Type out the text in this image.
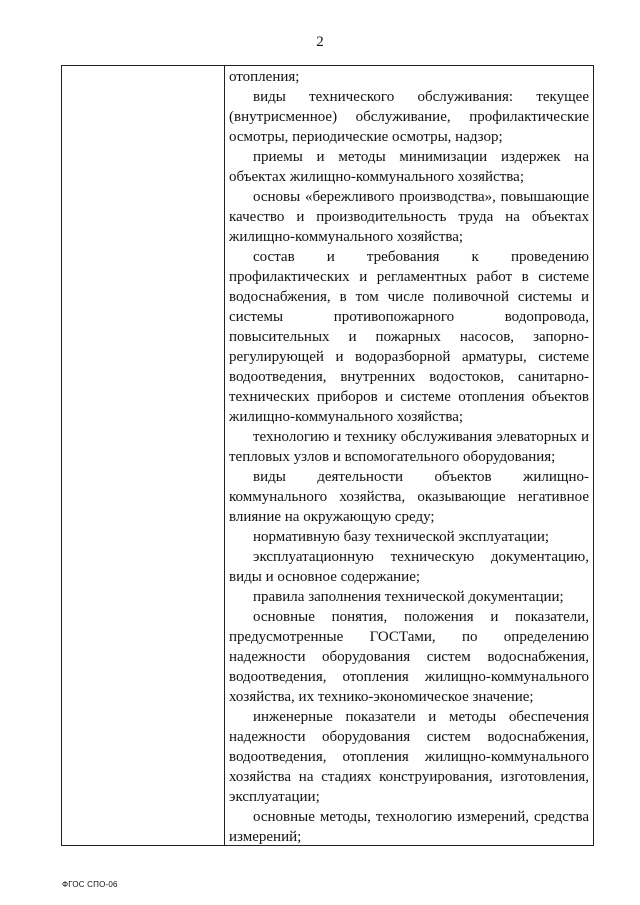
2

отопления;

виды технического обслуживания: текущее (внутрисменное) обслуживание, профилактические осмотры, периодические осмотры, надзор;

приемы и методы минимизации издержек на объектах жилищно-коммунального хозяйства;

основы «бережливого производства», повышающие качество и производительность труда на объектах жилищно-коммунального хозяйства;

состав и требования к проведению профилактических и регламентных работ в системе водоснабжения, в том числе поливочной системы и системы противопожарного водопровода, повысительных и пожарных насосов, запорно-регулирующей и водоразборной арматуры, системе водоотведения, внутренних водостоков, санитарно-технических приборов и системе отопления объектов жилищно-коммунального хозяйства;

технологию и технику обслуживания элеваторных и тепловых узлов и вспомогательного оборудования;

виды деятельности объектов жилищно-коммунального хозяйства, оказывающие негативное влияние на окружающую среду;

нормативную базу технической эксплуатации;

эксплуатационную техническую документацию, виды и основное содержание;

правила заполнения технической документации;

основные понятия, положения и показатели, предусмотренные ГОСТами, по определению надежности оборудования систем водоснабжения, водоотведения, отопления жилищно-коммунального хозяйства, их технико-экономическое значение;

инженерные показатели и методы обеспечения надежности оборудования систем водоснабжения, водоотведения, отопления жилищно-коммунального хозяйства на стадиях конструирования, изготовления, эксплуатации;

основные методы, технологию измерений, средства измерений;

ФГОС СПО-06
